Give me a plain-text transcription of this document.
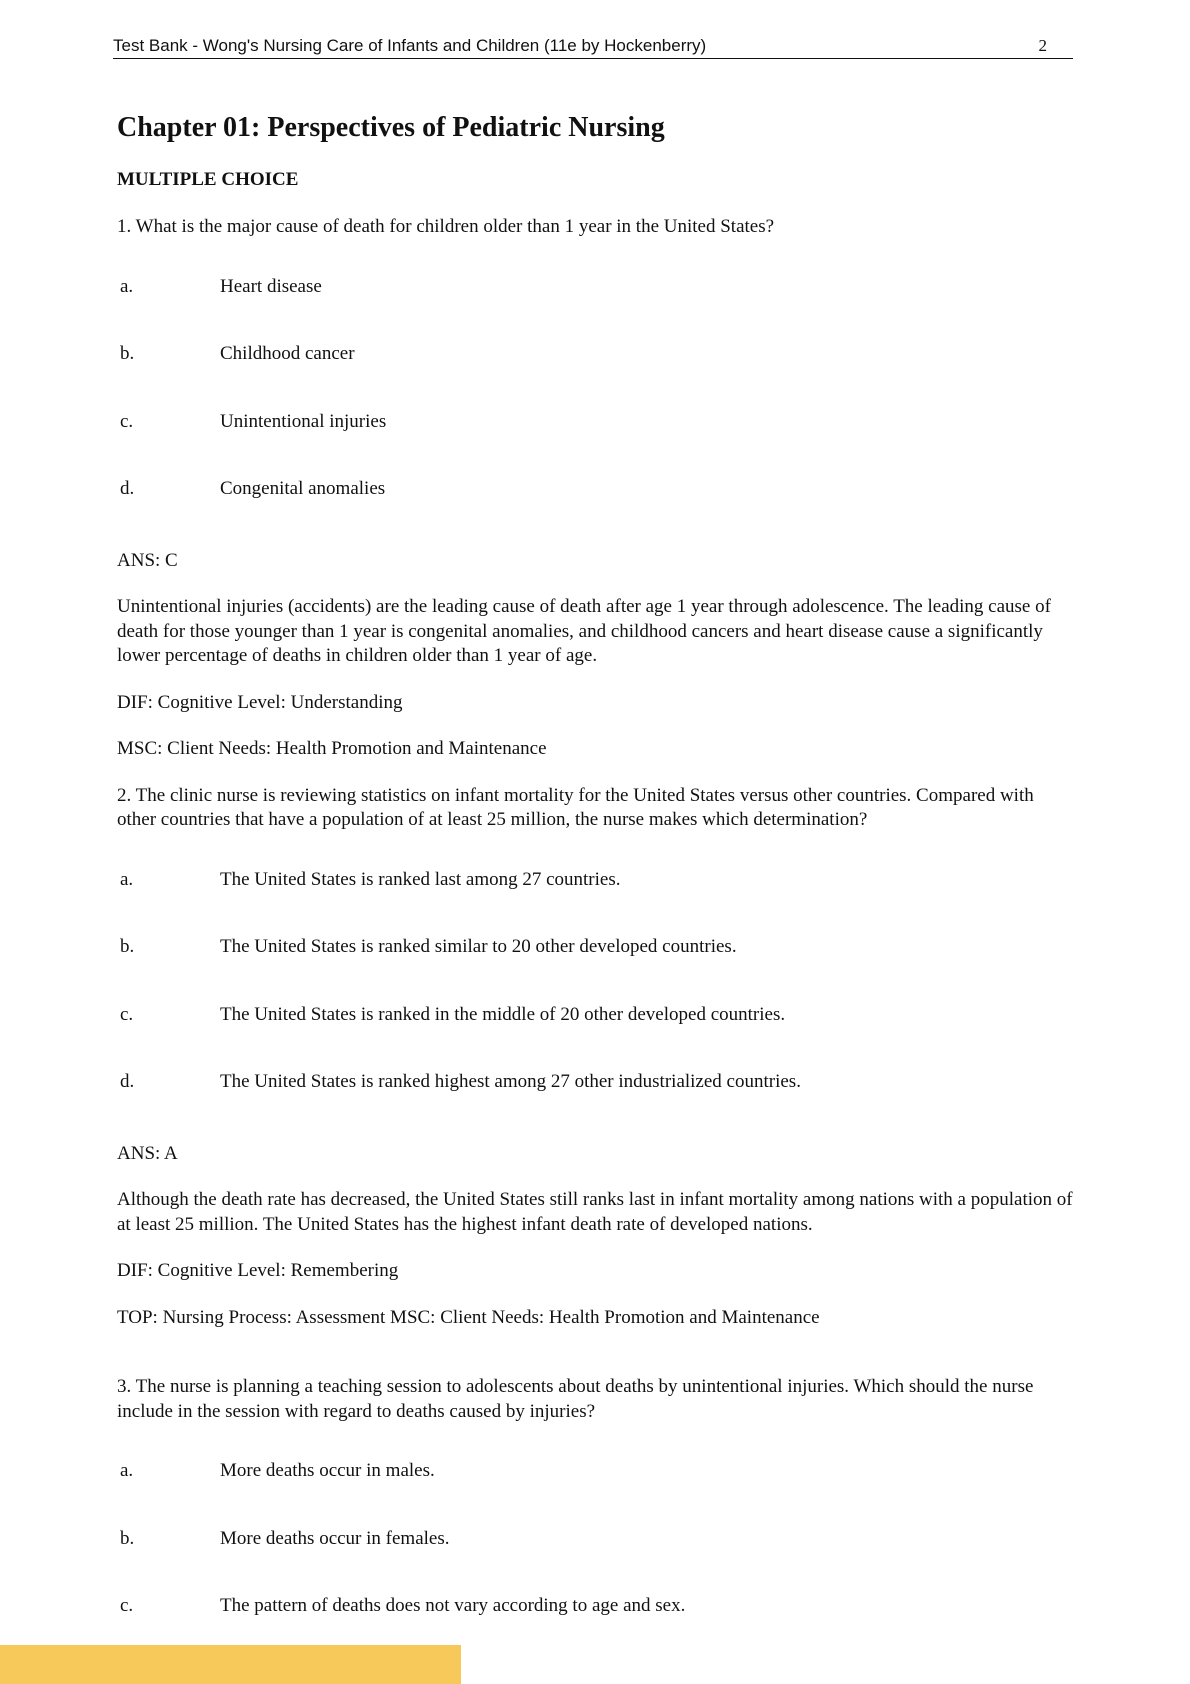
Test Bank - Wong's Nursing Care of Infants and Children (11e by Hockenberry)	2
Chapter 01: Perspectives of Pediatric Nursing
MULTIPLE CHOICE

1. What is the major cause of death for children older than 1 year in the United States?

a.	Heart disease
b.	Childhood cancer
c.	Unintentional injuries
d.	Congenital anomalies

ANS: C

Unintentional injuries (accidents) are the leading cause of death after age 1 year through adolescence. The leading cause of death for those younger than 1 year is congenital anomalies, and childhood cancers and heart disease cause a significantly lower percentage of deaths in children older than 1 year of age.

DIF: Cognitive Level: Understanding

MSC: Client Needs: Health Promotion and Maintenance

2. The clinic nurse is reviewing statistics on infant mortality for the United States versus other countries. Compared with other countries that have a population of at least 25 million, the nurse makes which determination?

a.	The United States is ranked last among 27 countries.
b.	The United States is ranked similar to 20 other developed countries.
c.	The United States is ranked in the middle of 20 other developed countries.
d.	The United States is ranked highest among 27 other industrialized countries.

ANS: A

Although the death rate has decreased, the United States still ranks last in infant mortality among nations with a population of at least 25 million. The United States has the highest infant death rate of developed nations.

DIF: Cognitive Level: Remembering

TOP: Nursing Process: Assessment MSC: Client Needs: Health Promotion and Maintenance

3. The nurse is planning a teaching session to adolescents about deaths by unintentional injuries. Which should the nurse include in the session with regard to deaths caused by injuries?

a.	More deaths occur in males.
b.	More deaths occur in females.
c.	The pattern of deaths does not vary according to age and sex.
